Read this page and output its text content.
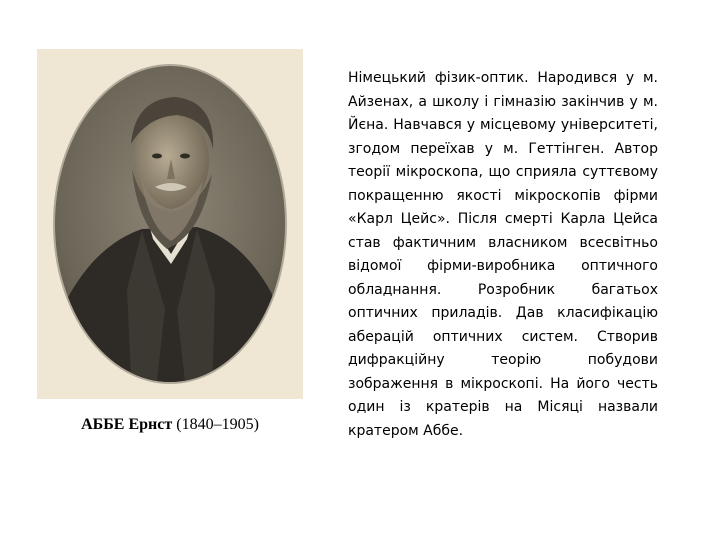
АББЕ Ернст (1840–1905)
Німецький фізик-оптик. Народився у м. Айзенах, а школу і гімназію закінчив у м. Йєна. Навчався у місцевому університеті, згодом переїхав у м. Геттінген. Автор теорії мікроскопа, що сприяла суттєвому покращенню якості мікроскопів фірми «Карл Цейс». Після смерті Карла Цейса став фактичним власником всесвітньо відомої фірми-виробника оптичного обладнання. Розробник багатьох оптичних приладів. Дав класифікацію аберацій оптичних систем. Створив дифракційну теорію побудови зображення в мікроскопі. На його честь один із кратерів на Місяці назвали кратером Аббе.
